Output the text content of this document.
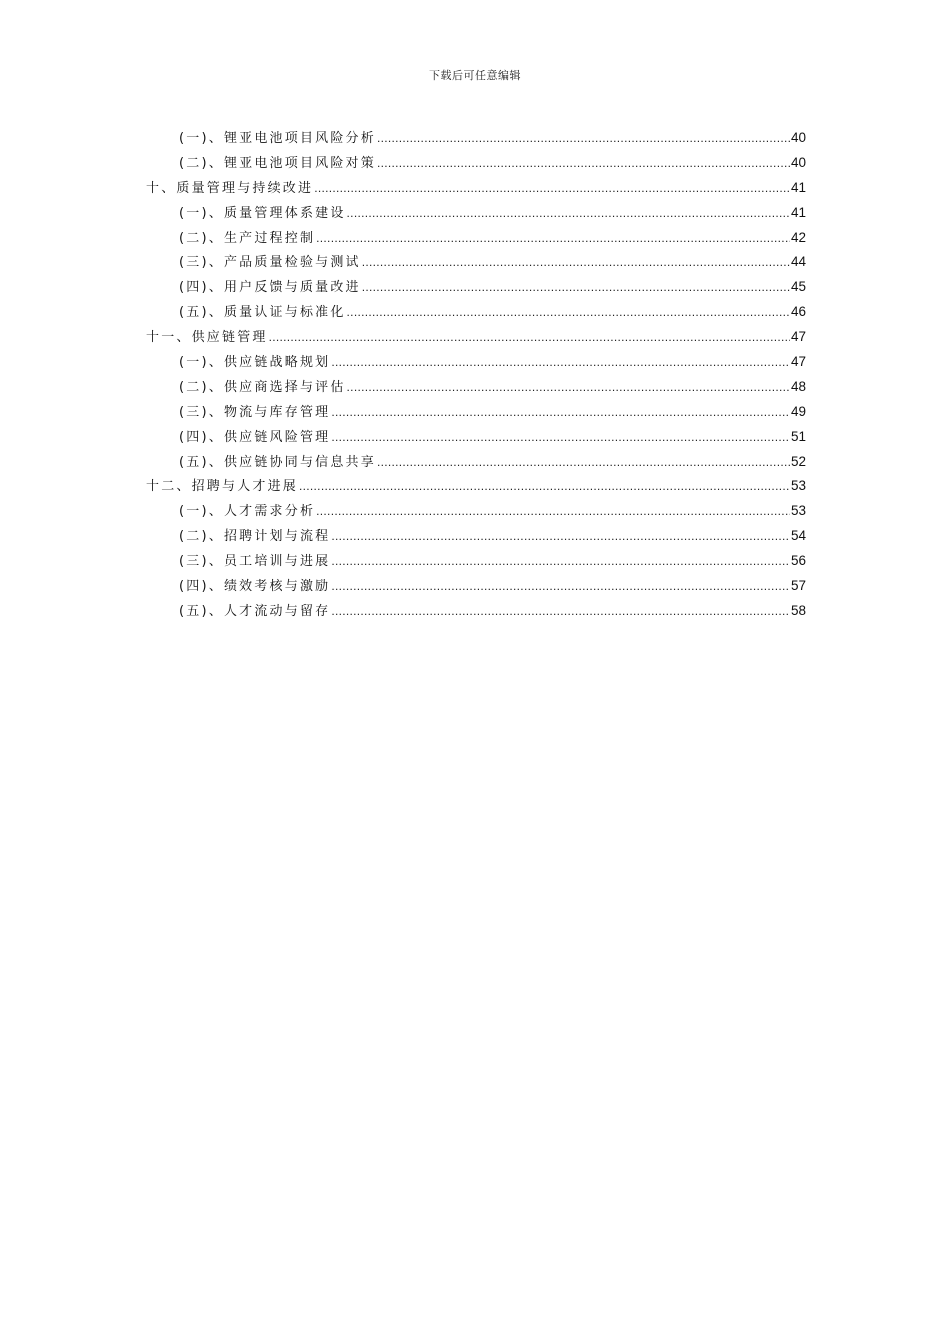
下载后可任意编辑
(一)、锂亚电池项目风险分析 .....	40
(二)、锂亚电池项目风险对策 .....	40
十、质量管理与持续改进 .....	41
(一)、质量管理体系建设 .....	41
(二)、生产过程控制 .....	42
(三)、产品质量检验与测试 .....	44
(四)、用户反馈与质量改进 .....	45
(五)、质量认证与标准化 .....	46
十一、供应链管理 .....	47
(一)、供应链战略规划 .....	47
(二)、供应商选择与评估 .....	48
(三)、物流与库存管理 .....	49
(四)、供应链风险管理 .....	51
(五)、供应链协同与信息共享 .....	52
十二、招聘与人才进展 .....	53
(一)、人才需求分析 .....	53
(二)、招聘计划与流程 .....	54
(三)、员工培训与进展 .....	56
(四)、绩效考核与激励 .....	57
(五)、人才流动与留存 .....	58
